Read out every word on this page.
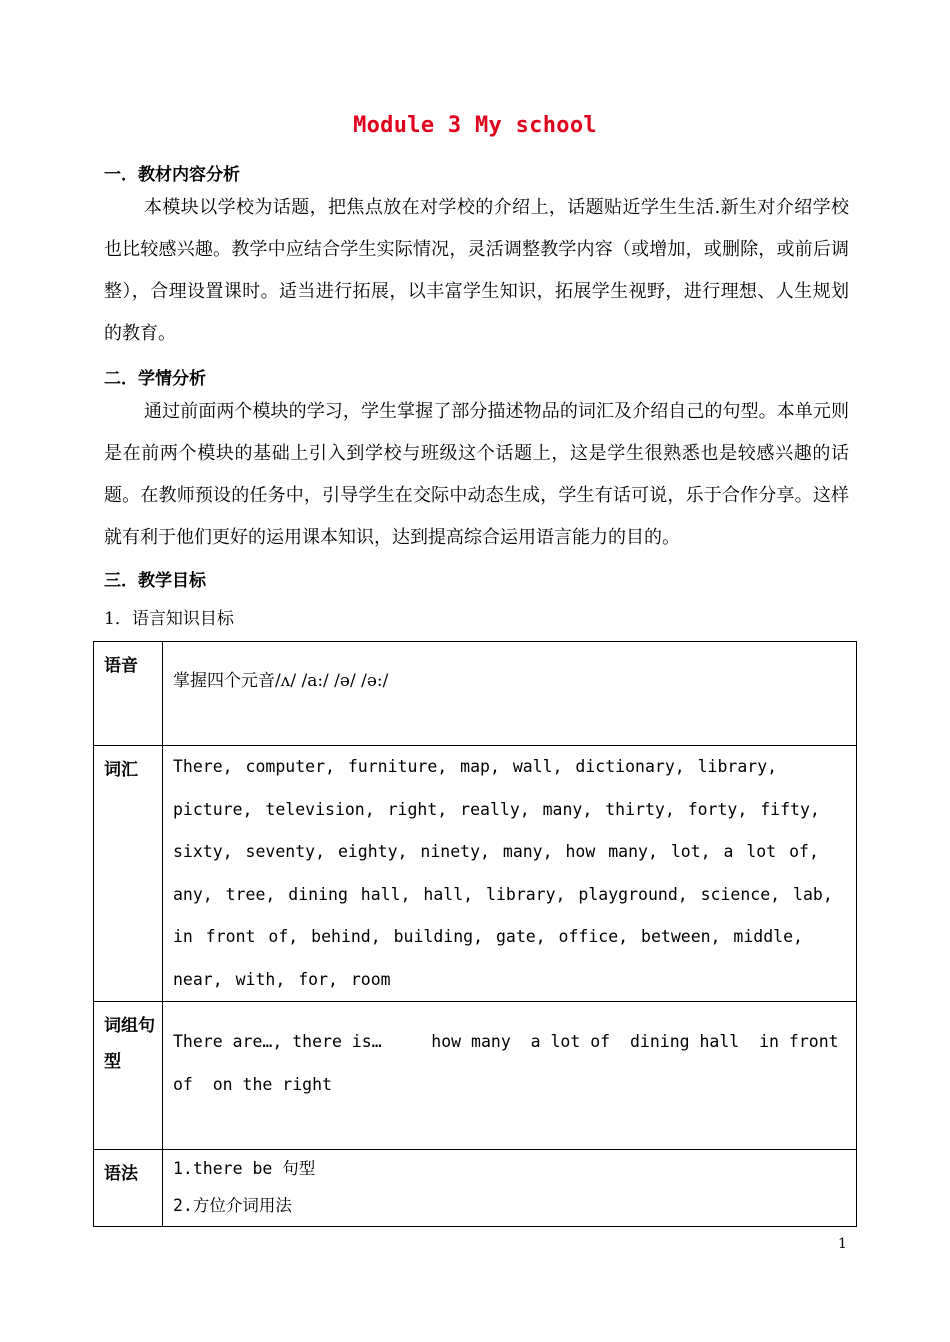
Module 3 My school
一．教材内容分析
本模块以学校为话题，把焦点放在对学校的介绍上，话题贴近学生生活.新生对介绍学校也比较感兴趣。教学中应结合学生实际情况，灵活调整教学内容（或增加，或删除，或前后调整），合理设置课时。适当进行拓展，以丰富学生知识，拓展学生视野，进行理想、人生规划的教育。
二．学情分析
通过前面两个模块的学习，学生掌握了部分描述物品的词汇及介绍自己的句型。本单元则是在前两个模块的基础上引入到学校与班级这个话题上，这是学生很熟悉也是较感兴趣的话题。在教师预设的任务中，引导学生在交际中动态生成，学生有话可说，乐于合作分享。这样就有利于他们更好的运用课本知识，达到提高综合运用语言能力的目的。
三．教学目标
1．语言知识目标
语音	掌握四个元音/ʌ/ /a:/ /ə/ /ə:/
词汇	There, computer, furniture, map, wall, dictionary, library, picture, television, right, really, many, thirty, forty, fifty, sixty, seventy, eighty, ninety, many, how many, lot, a lot of, any, tree, dining hall, hall, library, playground, science, lab, in front of, behind, building, gate, office, between, middle, near, with, for, room
词组句型	There are…, there is…     how many  a lot of  dining hall  in front of  on the right
语法	1.there be 句型
2.方位介词用法
1
